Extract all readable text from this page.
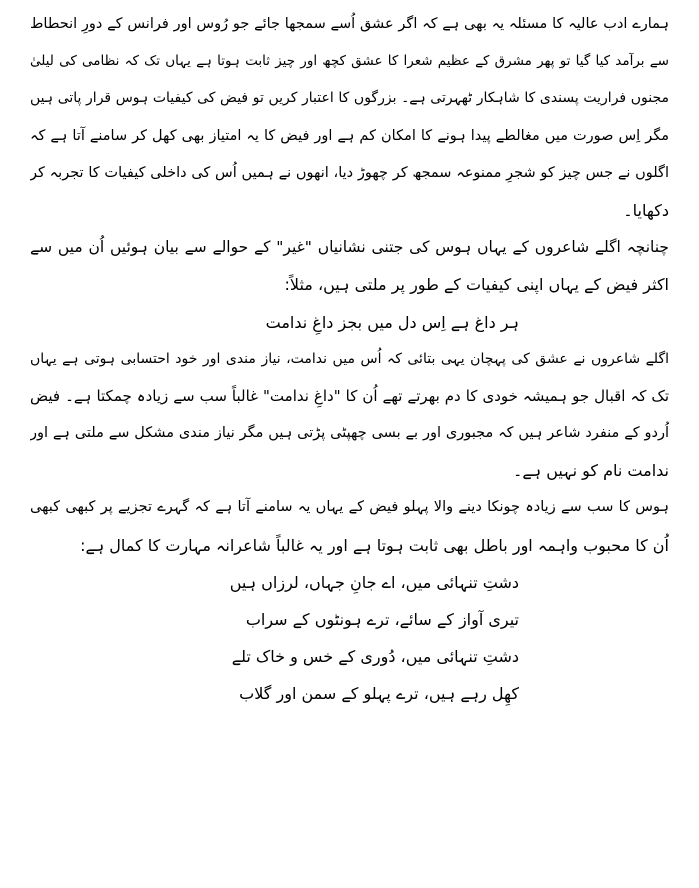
ہمارے ادب عالیہ کا مسئلہ یہ بھی ہے کہ اگر عشق اُسے سمجھا جائے جو رُوس اور فرانس کے دورِ انحطاط
سے برآمد کیا گیا تو پھر مشرق کے عظیم شعرا کا عشق کچھ اور چیز ثابت ہوتا ہے یہاں تک کہ نظامی کی لیلیٰ
مجنوں فراریت پسندی کا شاہکار ٹھہرتی ہے۔ بزرگوں کا اعتبار کریں تو فیض کی کیفیات ہوس قرار پاتی ہیں
مگر اِس صورت میں مغالطے پیدا ہونے کا امکان کم ہے اور فیض کا یہ امتیاز بھی کھل کر سامنے آتا ہے کہ
اگلوں نے جس چیز کو شجرِ ممنوعہ سمجھ کر چھوڑ دیا، انھوں نے ہمیں اُس کی داخلی کیفیات کا تجربہ کر
دکھایا۔
چنانچہ اگلے شاعروں کے یہاں ہوس کی جتنی نشانیاں "غیر" کے حوالے سے بیان ہوئیں اُن میں سے
اکثر فیض کے یہاں اپنی کیفیات کے طور پر ملتی ہیں، مثلاً:
ہر داغ ہے اِس دل میں بجز داغِ ندامت
اگلے شاعروں نے عشق کی پہچان یہی بتائی کہ اُس میں ندامت، نیاز مندی اور خود احتسابی ہوتی ہے یہاں
تک کہ اقبال جو ہمیشہ خودی کا دم بھرتے تھے اُن کا "داغِ ندامت" غالباً سب سے زیادہ چمکتا ہے۔ فیض
اُردو کے منفرد شاعر ہیں کہ مجبوری اور بے بسی چھپٹی پڑتی ہیں مگر نیاز مندی مشکل سے ملتی ہے اور
ندامت نام کو نہیں ہے۔
ہوس کا سب سے زیادہ چونکا دینے والا پہلو فیض کے یہاں یہ سامنے آتا ہے کہ گہرے تجزیے پر کبھی کبھی
اُن کا محبوب واہمہ اور باطل بھی ثابت ہوتا ہے اور یہ غالباً شاعرانہ مہارت کا کمال ہے:
دشتِ تنہائی میں، اے جانِ جہاں، لرزاں ہیں
تیری آواز کے سائے، ترے ہونٹوں کے سراب
دشتِ تنہائی میں، دُوری کے خس و خاک تلے
کھِل رہے ہیں، ترے پہلو کے سمن اور گلاب
